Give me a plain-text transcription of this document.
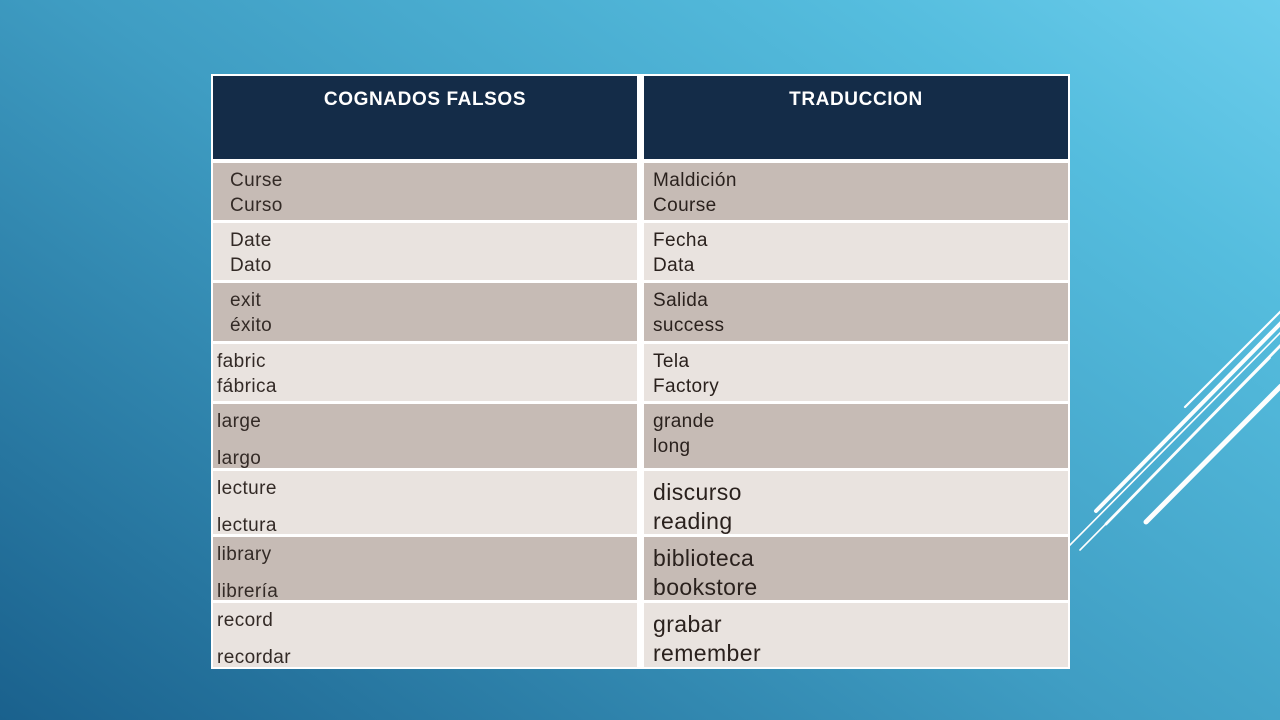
COGNADOS FALSOS	TRADUCCION
Curse
Curso
Maldición
Course
Date
Dato
Fecha
Data
exit
éxito
Salida
success
fabric
fábrica
Tela
Factory
large
largo
grande
long
lecture
lectura
discurso
reading
library
librería
biblioteca
bookstore
record
recordar
grabar
remember
